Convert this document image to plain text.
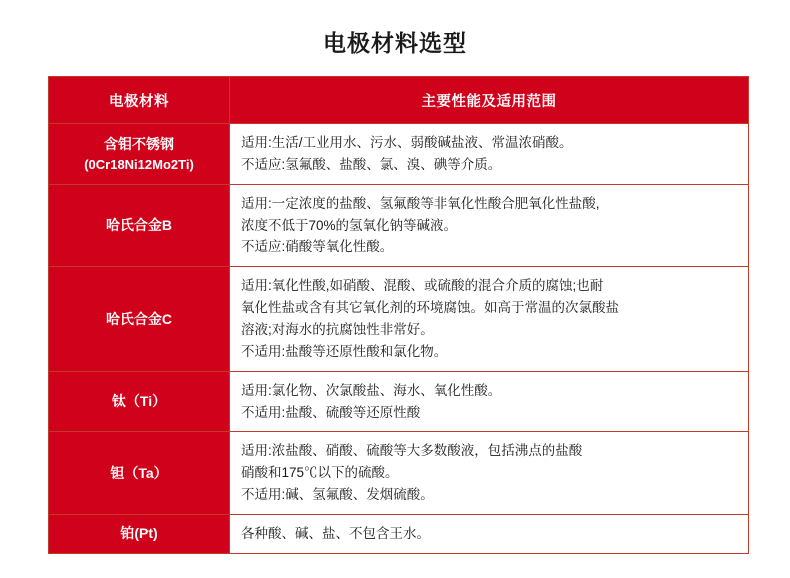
电极材料选型
电极材料	主要性能及适用范围
含钼不锈钢
(0Cr18Ni12Mo2Ti)	适用:生活/工业用水、污水、弱酸碱盐液、常温浓硝酸。
不适应:氢氟酸、盐酸、氯、溴、碘等介质。

哈氏合金B	适用:一定浓度的盐酸、氢氟酸等非氧化性酸合肥氧化性盐酸,
浓度不低于70%的氢氧化钠等碱液。
不适应:硝酸等氧化性酸。

哈氏合金C	适用:氧化性酸,如硝酸、混酸、或硫酸的混合介质的腐蚀;也耐
氧化性盐或含有其它氧化剂的环境腐蚀。如高于常温的次氯酸盐
溶液;对海水的抗腐蚀性非常好。
不适用:盐酸等还原性酸和氯化物。

钛（Ti）	适用:氯化物、次氯酸盐、海水、氧化性酸。
不适用:盐酸、硫酸等还原性酸

钽（Ta）	适用:浓盐酸、硝酸、硫酸等大多数酸液，包括沸点的盐酸
硝酸和175℃以下的硫酸。
不适用:碱、氢氟酸、发烟硫酸。

铂(Pt)	各种酸、碱、盐、不包含王水。
